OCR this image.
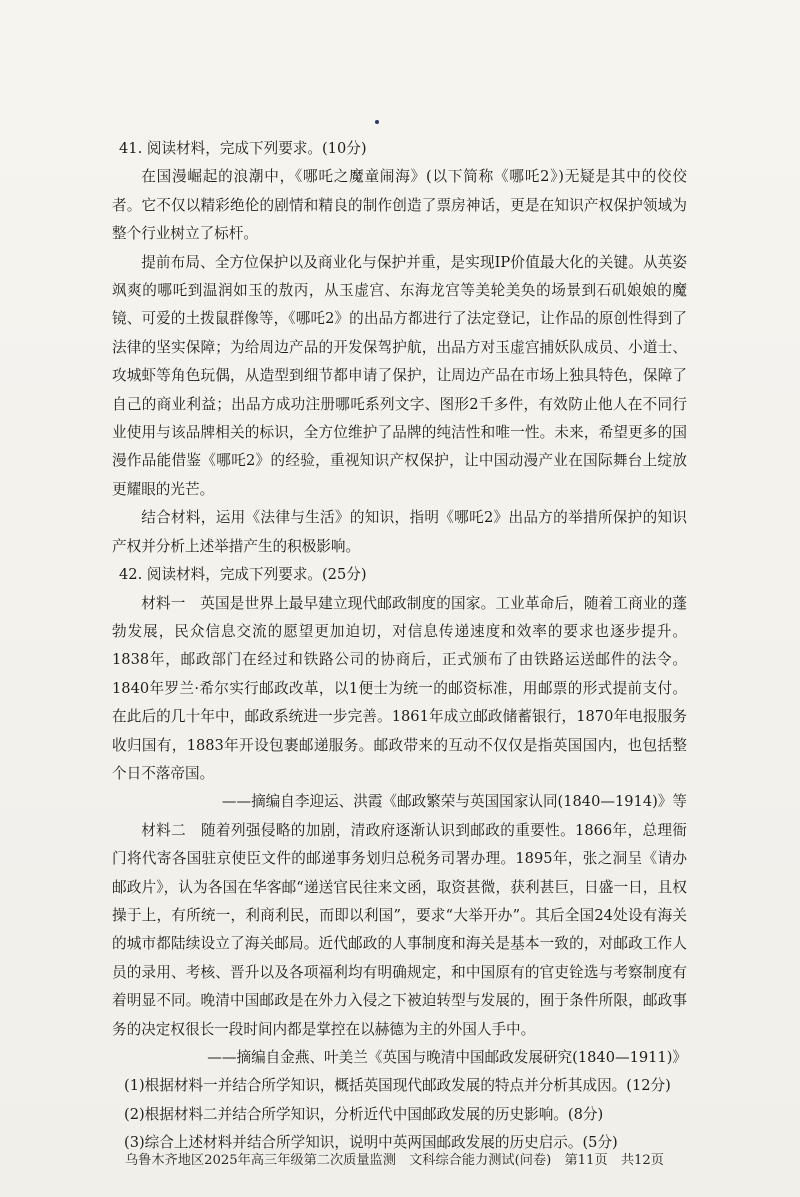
41. 阅读材料，完成下列要求。(10分)

在国漫崛起的浪潮中，《哪吒之魔童闹海》(以下简称《哪吒2》)无疑是其中的佼佼者。它不仅以精彩绝伦的剧情和精良的制作创造了票房神话，更是在知识产权保护领域为整个行业树立了标杆。

提前布局、全方位保护以及商业化与保护并重，是实现IP价值最大化的关键。从英姿飒爽的哪吒到温润如玉的敖丙，从玉虚宫、东海龙宫等美轮美奂的场景到石矶娘娘的魔镜、可爱的土拨鼠群像等，《哪吒2》的出品方都进行了法定登记，让作品的原创性得到了法律的坚实保障；为给周边产品的开发保驾护航，出品方对玉虚宫捕妖队成员、小道士、攻城虾等角色玩偶，从造型到细节都申请了保护，让周边产品在市场上独具特色，保障了自己的商业利益；出品方成功注册哪吒系列文字、图形2千多件，有效防止他人在不同行业使用与该品牌相关的标识，全方位维护了品牌的纯洁性和唯一性。未来，希望更多的国漫作品能借鉴《哪吒2》的经验，重视知识产权保护，让中国动漫产业在国际舞台上绽放更耀眼的光芒。

结合材料，运用《法律与生活》的知识，指明《哪吒2》出品方的举措所保护的知识产权并分析上述举措产生的积极影响。

42. 阅读材料，完成下列要求。(25分)

材料一　英国是世界上最早建立现代邮政制度的国家。工业革命后，随着工商业的蓬勃发展，民众信息交流的愿望更加迫切，对信息传递速度和效率的要求也逐步提升。1838年，邮政部门在经过和铁路公司的协商后，正式颁布了由铁路运送邮件的法令。1840年罗兰·希尔实行邮政改革，以1便士为统一的邮资标准，用邮票的形式提前支付。在此后的几十年中，邮政系统进一步完善。1861年成立邮政储蓄银行，1870年电报服务收归国有，1883年开设包裹邮递服务。邮政带来的互动不仅仅是指英国国内，也包括整个日不落帝国。

——摘编自李迎运、洪霞《邮政繁荣与英国国家认同(1840—1914)》等

材料二　随着列强侵略的加剧，清政府逐渐认识到邮政的重要性。1866年，总理衙门将代寄各国驻京使臣文件的邮递事务划归总税务司署办理。1895年，张之洞呈《请办邮政片》，认为各国在华客邮“递送官民往来文函，取资甚微，获利甚巨，日盛一日，且权操于上，有所统一，利商利民，而即以利国”，要求“大举开办”。其后全国24处设有海关的城市都陆续设立了海关邮局。近代邮政的人事制度和海关是基本一致的，对邮政工作人员的录用、考核、晋升以及各项福利均有明确规定，和中国原有的官吏铨选与考察制度有着明显不同。晚清中国邮政是在外力入侵之下被迫转型与发展的，囿于条件所限，邮政事务的决定权很长一段时间内都是掌控在以赫德为主的外国人手中。

——摘编自金燕、叶美兰《英国与晚清中国邮政发展研究(1840—1911)》

(1)根据材料一并结合所学知识，概括英国现代邮政发展的特点并分析其成因。(12分)

(2)根据材料二并结合所学知识，分析近代中国邮政发展的历史影响。(8分)

(3)综合上述材料并结合所学知识，说明中英两国邮政发展的历史启示。(5分)

乌鲁木齐地区2025年高三年级第二次质量监测　文科综合能力测试(问卷)　第11页　共12页
